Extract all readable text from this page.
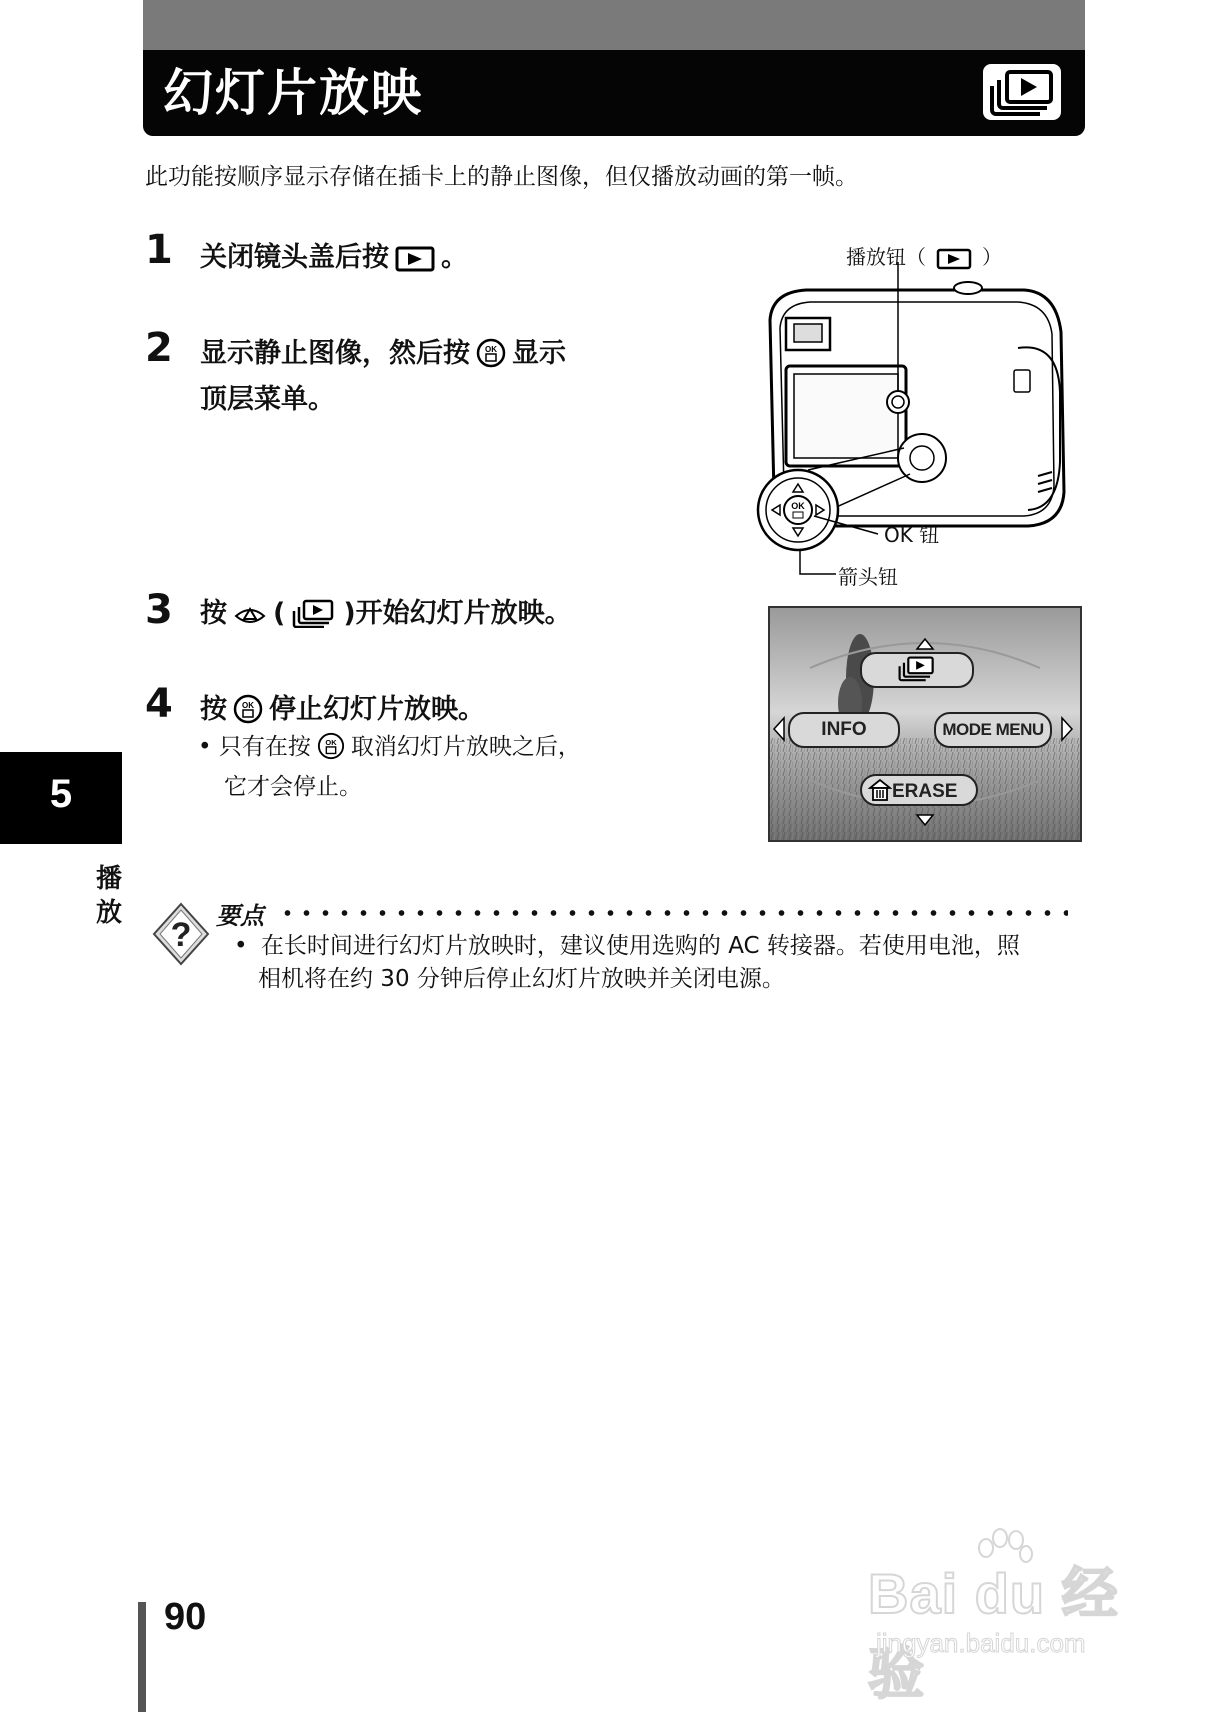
幻灯片放映
此功能按顺序显示存储在插卡上的静止图像，但仅播放动画的第一帧。
1 关闭镜头盖后按 。
2 显示静止图像，然后按 OK 显示
顶层菜单。
3 按 ( )开始幻灯片放映。
4 按 OK 停止幻灯片放映。
• 只有在按 OK 取消幻灯片放映之后，
它才会停止。
播放钮（	）
OK
OK 钮
箭头钮
INFO	MODE MENU
ERASE
5
播放
? 要点
• 在长时间进行幻灯片放映时，建议使用选购的 AC 转接器。若使用电池，照
相机将在约 30 分钟后停止幻灯片放映并关闭电源。
90	Bai du 经验
jingyan.baidu.com
